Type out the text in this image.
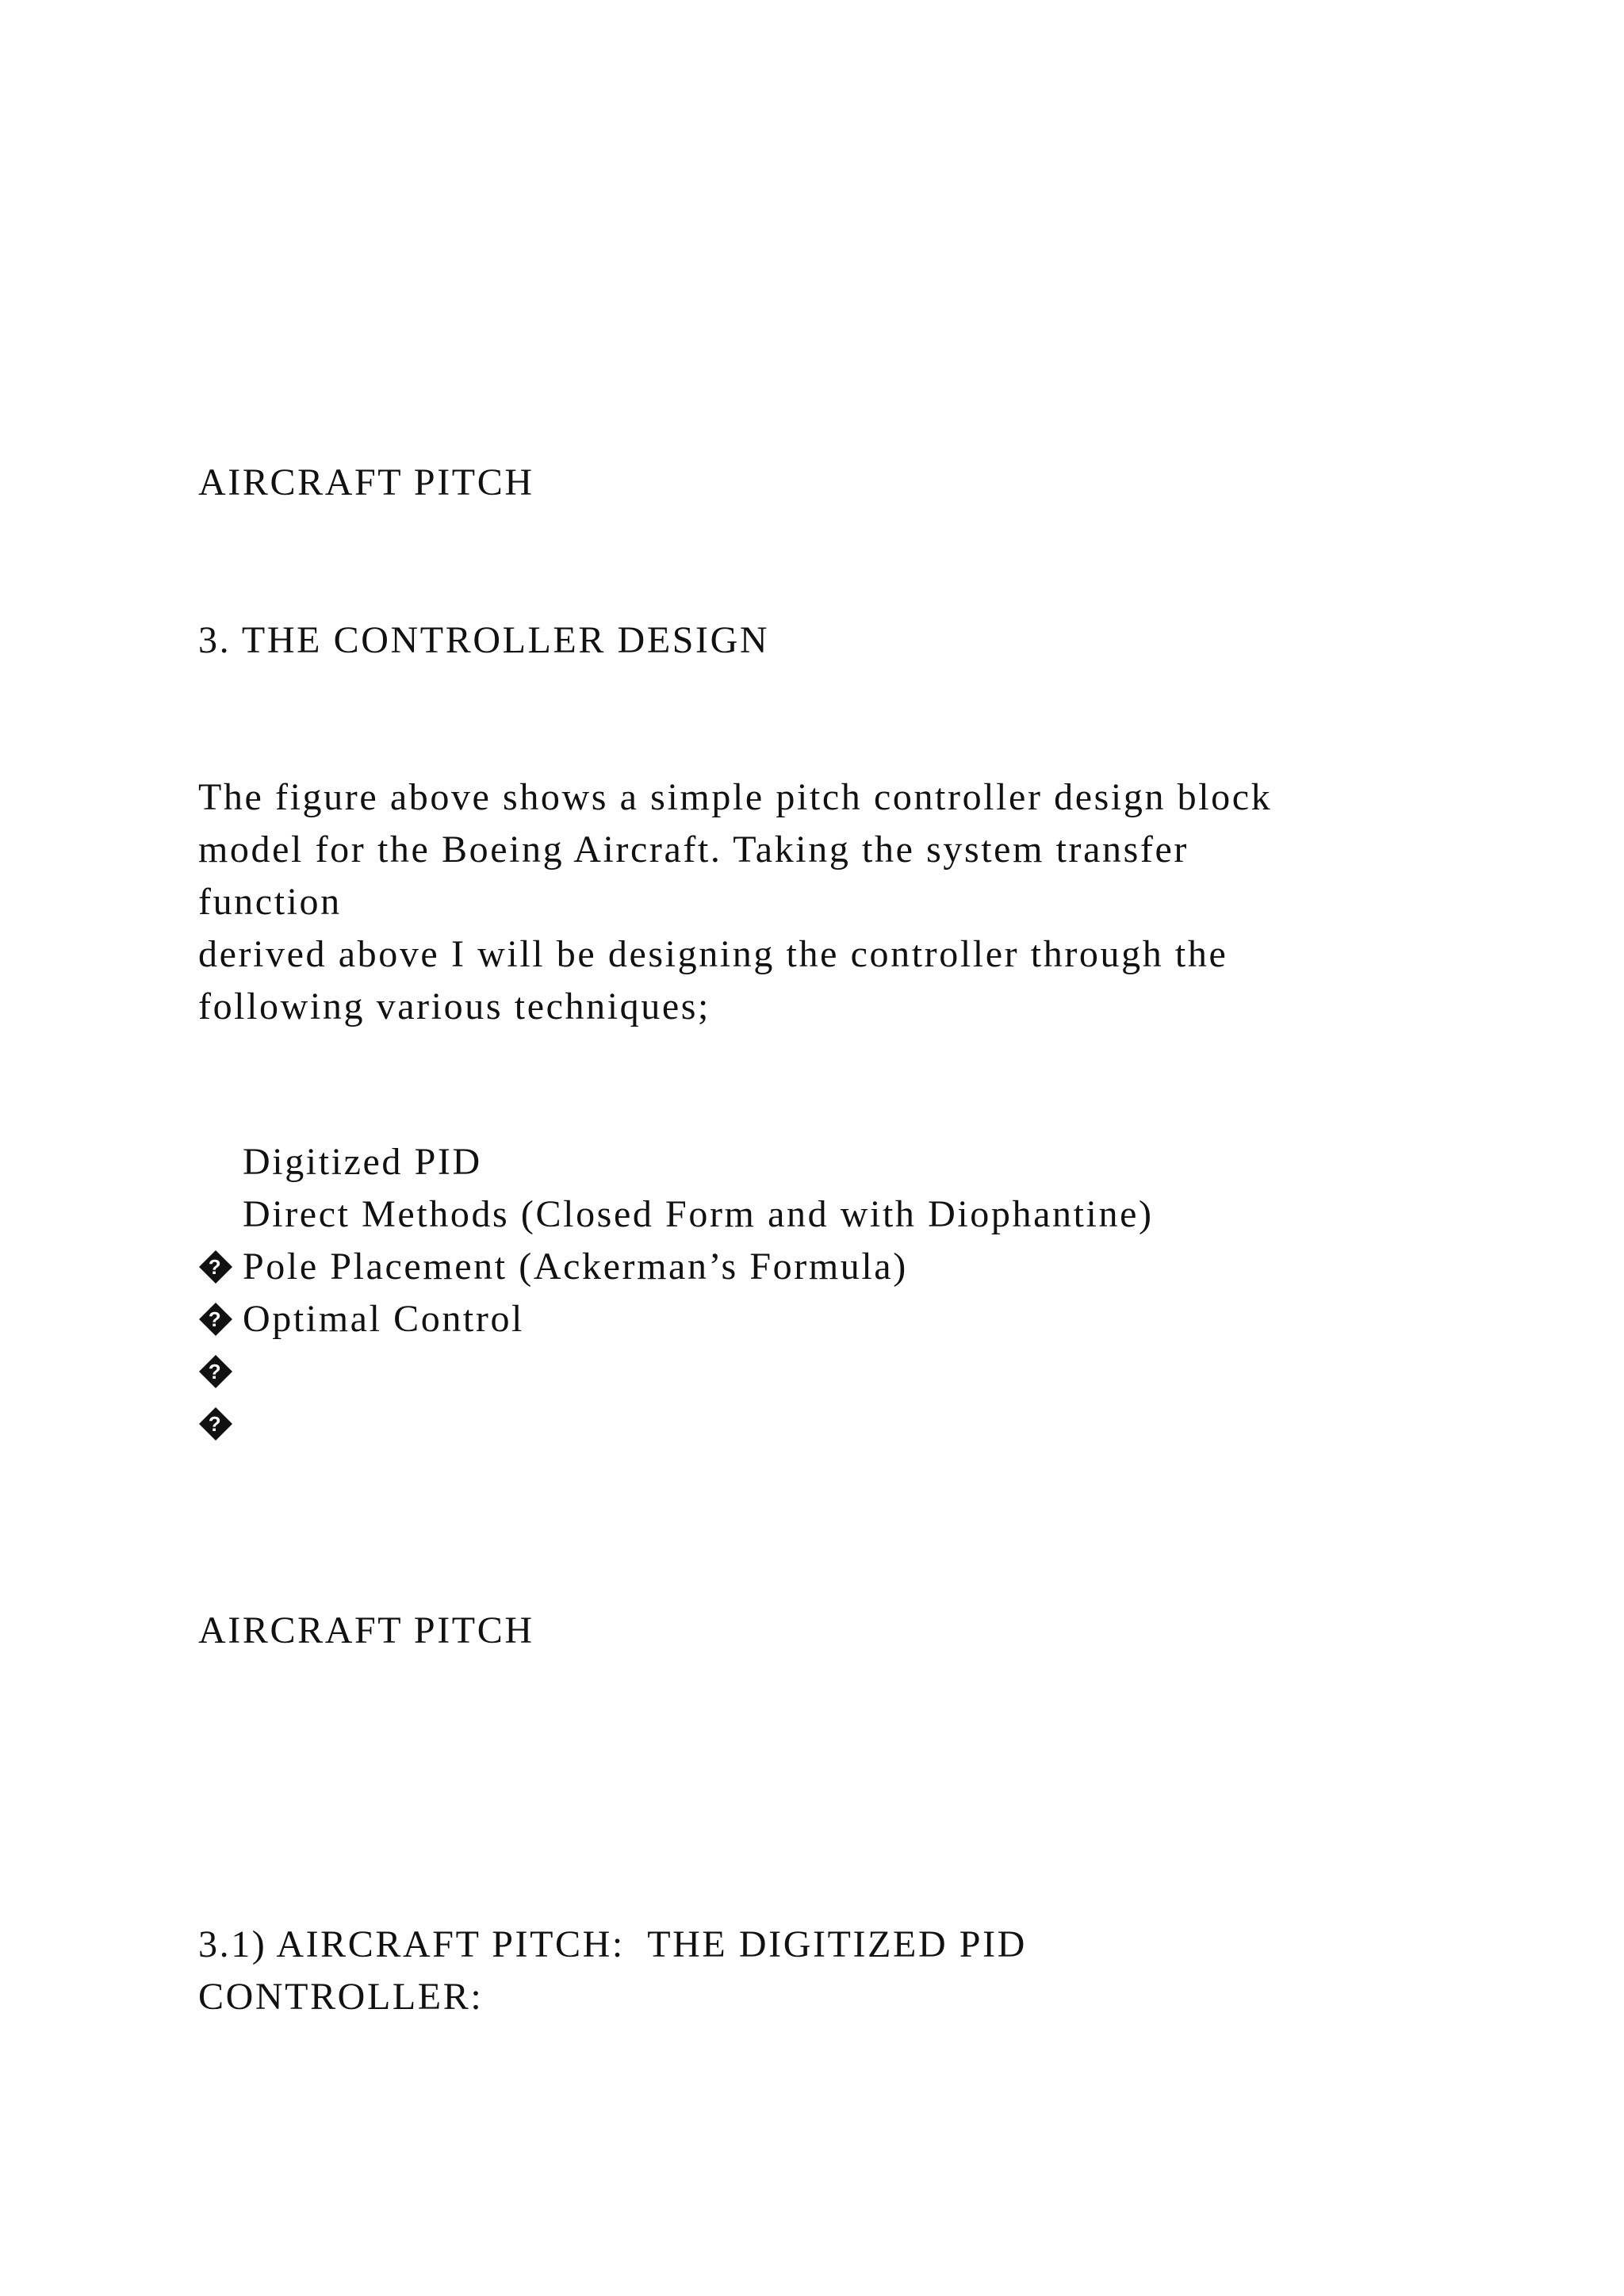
AIRCRAFT PITCH

3. THE CONTROLLER DESIGN

The figure above shows a simple pitch controller design block

model for the Boeing Aircraft. Taking the system transfer

function

derived above I will be designing the controller through the

following various techniques;

?

Digitized PID

?

Direct Methods (Closed Form and with Diophantine)

?

Pole Placement (Ackerman’s Formula)

?

Optimal Control

AIRCRAFT PITCH

3.1) AIRCRAFT PITCH:  THE DIGITIZED PID

CONTROLLER:
